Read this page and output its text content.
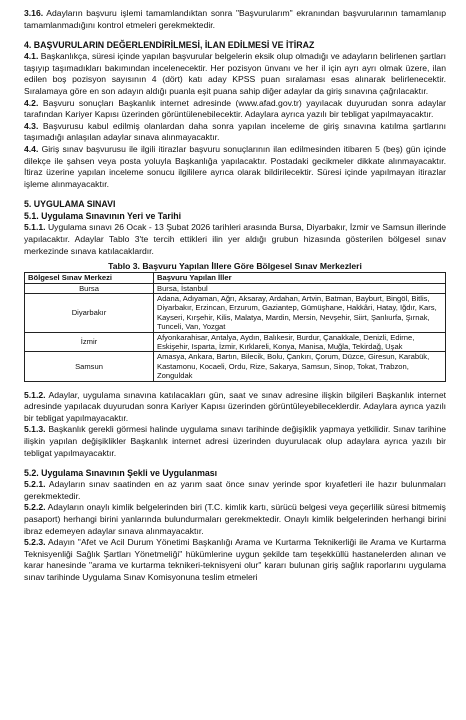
3.16. Adayların başvuru işlemi tamamlandıktan sonra "Başvurularım" ekranından başvurularının tamamlanıp tamamlanmadığını kontrol etmeleri gerekmektedir.

4. BAŞVURULARIN DEĞERLENDİRİLMESİ, İLAN EDİLMESİ VE İTİRAZ

4.1. Başkanlıkça, süresi içinde yapılan başvurular belgelerin eksik olup olmadığı ve adayların belirlenen şartları taşıyıp taşımadıkları bakımından incelenecektir. Her pozisyon ünvanı ve her il için ayrı ayrı olmak üzere, ilan edilen boş pozisyon sayısının 4 (dört) katı aday KPSS puan sıralaması esas alınarak belirlenecektir. Sıralamaya göre en son adayın aldığı puanla eşit puana sahip diğer adaylar da giriş sınavına çağrılacaktır.

4.2. Başvuru sonuçları Başkanlık internet adresinde (www.afad.gov.tr) yayılacak duyurudan sonra adaylar tarafından Kariyer Kapısı üzerinden görüntülenebilecektir. Adaylara ayrıca yazılı bir tebligat yapılmayacaktır.

4.3. Başvurusu kabul edilmiş olanlardan daha sonra yapılan inceleme de giriş sınavına katılma şartlarını taşımadığı anlaşılan adaylar sınava alınmayacaktır.

4.4. Giriş sınav başvurusu ile ilgili itirazlar başvuru sonuçlarının ilan edilmesinden itibaren 5 (beş) gün içinde dilekçe ile şahsen veya posta yoluyla Başkanlığa yapılacaktır. Postadaki gecikmeler dikkate alınmayacaktır. İtiraz üzerine yapılan inceleme sonucu ilgililere ayrıca olarak bildirilecektir. Süresi içinde yapılmayan itirazlar işleme alınmayacaktır.

5. UYGULAMA SINAVI

5.1. Uygulama Sınavının Yeri ve Tarihi

5.1.1. Uygulama sınavı 26 Ocak - 13 Şubat 2026 tarihleri arasında Bursa, Diyarbakır, İzmir ve Samsun illerinde yapılacaktır. Adaylar Tablo 3'te tercih ettikleri ilin yer aldığı grubun hizasında gösterilen bölgesel sınav merkezinde sınava katılacaklardır.

Tablo 3. Başvuru Yapılan İllere Göre Bölgesel Sınav Merkezleri
Bölgesel Sınav Merkezi	Başvuru Yapılan İller
Bursa	Bursa, İstanbul
Diyarbakır	Adana, Adıyaman, Ağrı, Aksaray, Ardahan, Artvin, Batman, Bayburt, Bingöl, Bitlis, Diyarbakır, Erzincan, Erzurum, Gaziantep, Gümüşhane, Hakkâri, Hatay, Iğdır, Kars, Kayseri, Kırşehir, Kilis, Malatya, Mardin, Mersin, Nevşehir, Siirt, Şanlıurfa, Şırnak, Tunceli, Van, Yozgat
İzmir	Afyonkarahisar, Antalya, Aydın, Balıkesir, Burdur, Çanakkale, Denizli, Edirne, Eskişehir, Isparta, İzmir, Kırklareli, Konya, Manisa, Muğla, Tekirdağ, Uşak
Samsun	Amasya, Ankara, Bartın, Bilecik, Bolu, Çankırı, Çorum, Düzce, Giresun, Karabük, Kastamonu, Kocaeli, Ordu, Rize, Sakarya, Samsun, Sinop, Tokat, Trabzon, Zonguldak

5.1.2. Adaylar, uygulama sınavına katılacakları gün, saat ve sınav adresine ilişkin bilgileri Başkanlık internet adresinde yapılacak duyurudan sonra Kariyer Kapısı üzerinden görüntüleyebileceklerdir. Adaylara ayrıca yazılı bir tebligat yapılmayacaktır.

5.1.3. Başkanlık gerekli görmesi halinde uygulama sınavı tarihinde değişiklik yapmaya yetkilidir. Sınav tarihine ilişkin yapılan değişiklikler Başkanlık internet adresi üzerinden duyurulacak olup adaylara ayrıca yazılı bir tebligat yapılmayacaktır.

5.2. Uygulama Sınavının Şekli ve Uygulanması

5.2.1. Adayların sınav saatinden en az yarım saat önce sınav yerinde spor kıyafetleri ile hazır bulunmaları gerekmektedir.

5.2.2. Adayların onaylı kimlik belgelerinden biri (T.C. kimlik kartı, sürücü belgesi veya geçerlilik süresi bitmemiş pasaport) herhangi birini yanlarında bulundurmaları gerekmektedir. Onaylı kimlik belgelerinden herhangi birini ibraz edemeyen adaylar sınava alınmayacaktır.

5.2.3. Adayın "Afet ve Acil Durum Yönetimi Başkanlığı Arama ve Kurtarma Teknikerliği ile Arama ve Kurtarma Teknisyenliği Sağlık Şartları Yönetmeliği" hükümlerine uygun şekilde tam teşekküllü hastanelerden alınan ve karar hanesinde "arama ve kurtarma teknikeri-teknisyeni olur" kararı bulunan giriş sağlık raporlarını uygulama sınav tarihinde Uygulama Sınav Komisyonuna teslim etmeleri
